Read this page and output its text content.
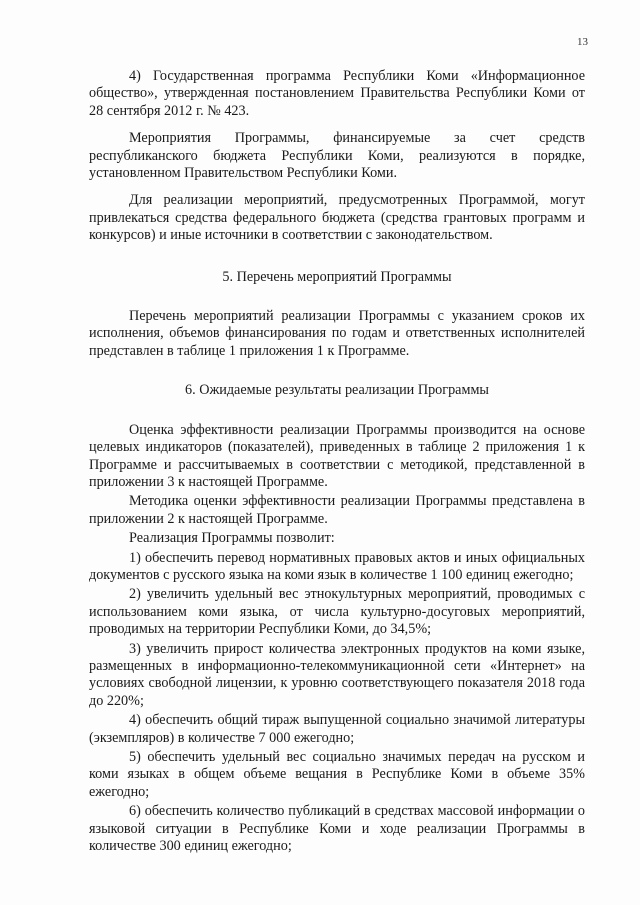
13

4) Государственная программа Республики Коми «Информационное общество», утвержденная постановлением Правительства Республики Коми от 28 сентября 2012 г. № 423.

Мероприятия Программы, финансируемые за счет средств республиканского бюджета Республики Коми, реализуются в порядке, установленном Правительством Республики Коми.

Для реализации мероприятий, предусмотренных Программой, могут привлекаться средства федерального бюджета (средства грантовых программ и конкурсов) и иные источники в соответствии с законодательством.

5. Перечень мероприятий Программы

Перечень мероприятий реализации Программы с указанием сроков их исполнения, объемов финансирования по годам и ответственных исполнителей представлен в таблице 1 приложения 1 к Программе.

6. Ожидаемые результаты реализации Программы

Оценка эффективности реализации Программы производится на основе целевых индикаторов (показателей), приведенных в таблице 2 приложения 1 к Программе и рассчитываемых в соответствии с методикой, представленной в приложении 3 к настоящей Программе.

Методика оценки эффективности реализации Программы представлена в приложении 2 к настоящей Программе.

Реализация Программы позволит:

1) обеспечить перевод нормативных правовых актов и иных официальных документов с русского языка на коми язык в количестве 1 100 единиц ежегодно;

2) увеличить удельный вес этнокультурных мероприятий, проводимых с использованием коми языка, от числа культурно-досуговых мероприятий, проводимых на территории Республики Коми, до 34,5%;

3) увеличить прирост количества электронных продуктов на коми языке, размещенных в информационно-телекоммуникационной сети «Интернет» на условиях свободной лицензии, к уровню соответствующего показателя 2018 года до 220%;

4) обеспечить общий тираж выпущенной социально значимой литературы (экземпляров) в количестве 7 000 ежегодно;

5) обеспечить удельный вес социально значимых передач на русском и коми языках в общем объеме вещания в Республике Коми в объеме 35% ежегодно;

6) обеспечить количество публикаций в средствах массовой информации о языковой ситуации в Республике Коми и ходе реализации Программы в количестве 300 единиц ежегодно;
